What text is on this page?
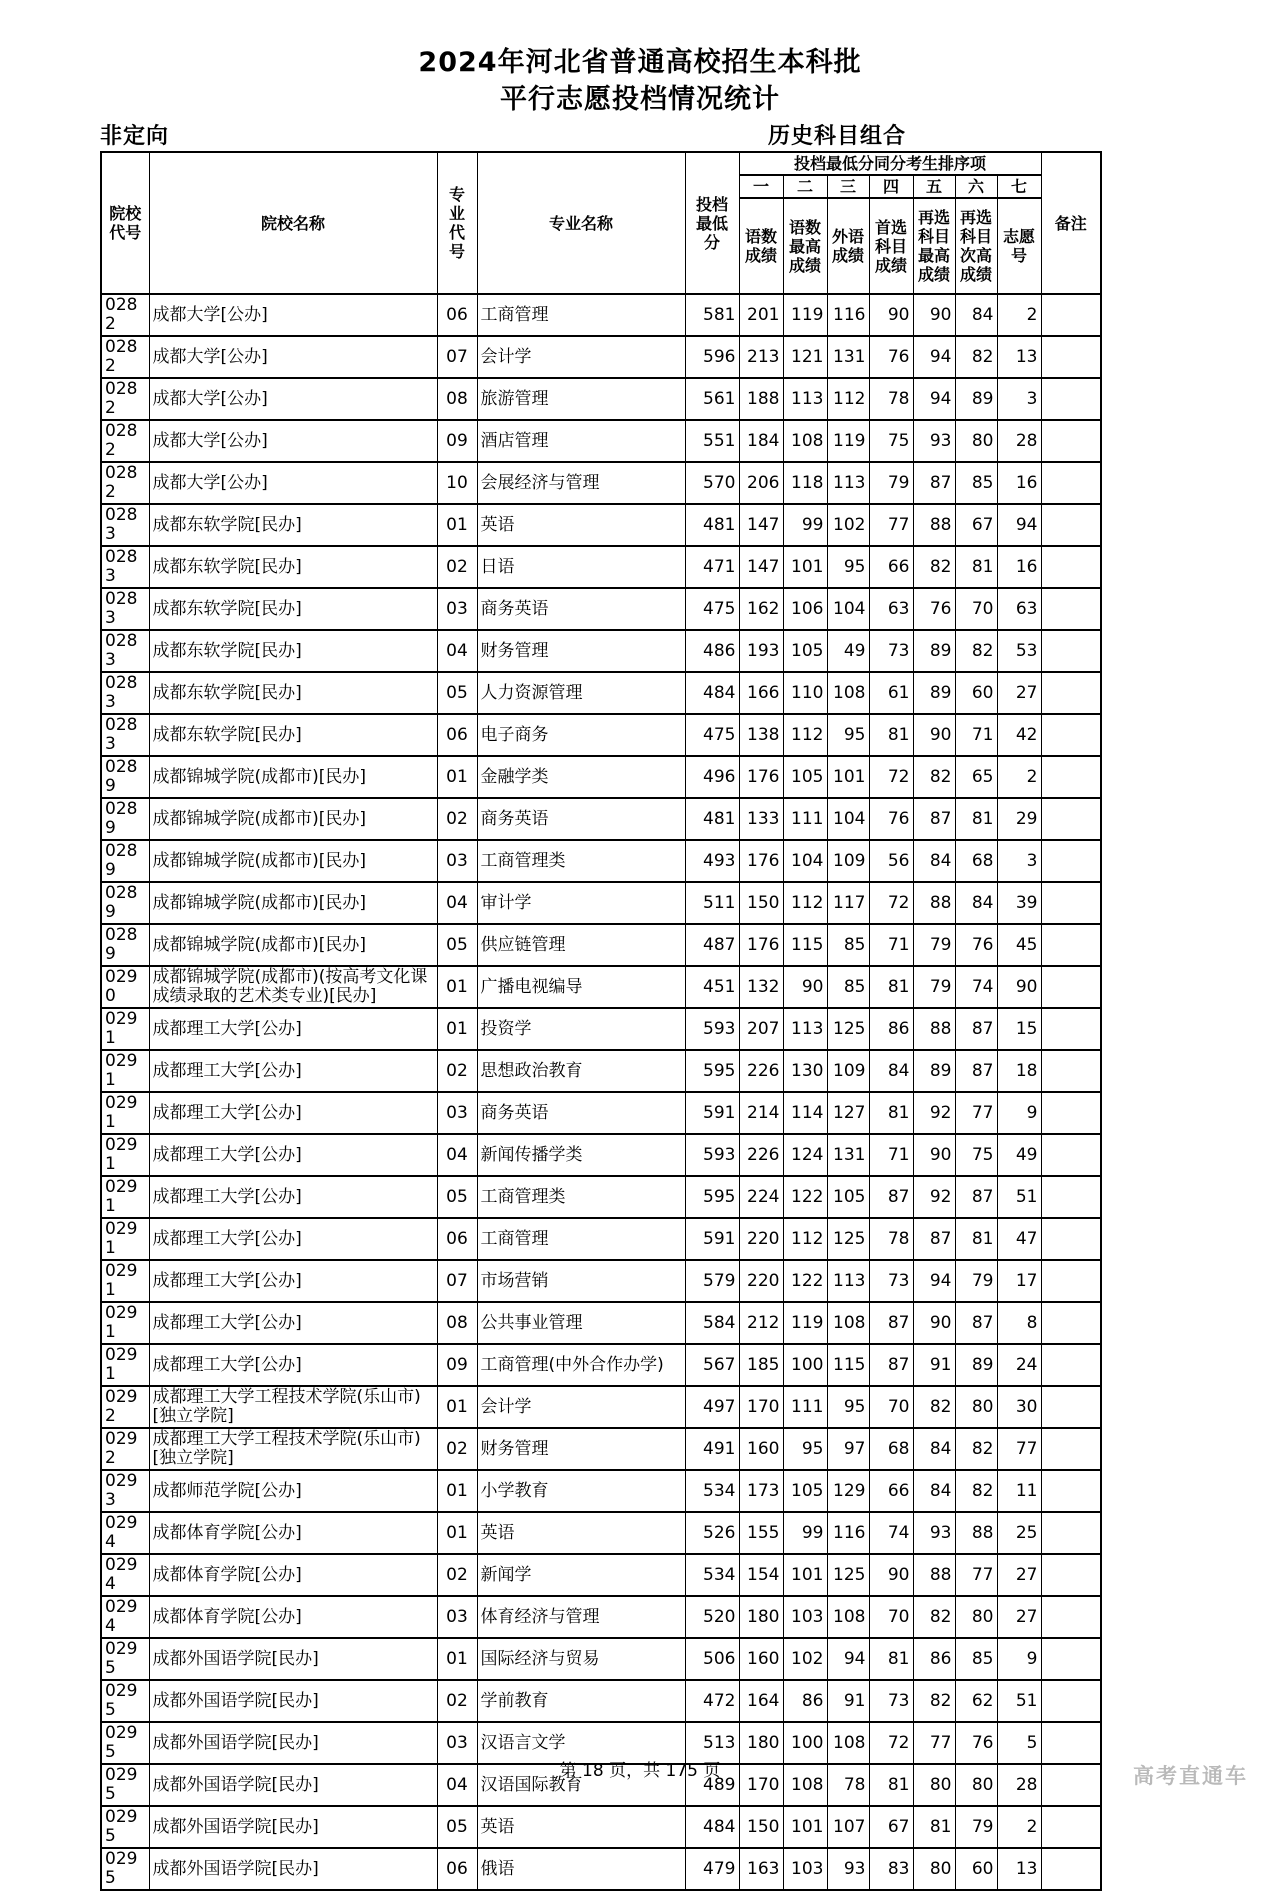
2024年河北省普通高校招生本科批
平行志愿投档情况统计
非定向	历史科目组合
院校代号	院校名称	专业代号	专业名称	投档最低分	投档最低分同分考生排序项							备注
					一	二	三	四	五	六	七	
					语数成绩	语数最高成绩	外语成绩	首选科目成绩	再选科目最高成绩	再选科目次高成绩	志愿号	
0282	成都大学[公办]	06	工商管理	581	201	119	116	90	90	84	2	
0282	成都大学[公办]	07	会计学	596	213	121	131	76	94	82	13	
0282	成都大学[公办]	08	旅游管理	561	188	113	112	78	94	89	3	
0282	成都大学[公办]	09	酒店管理	551	184	108	119	75	93	80	28	
0282	成都大学[公办]	10	会展经济与管理	570	206	118	113	79	87	85	16	
0283	成都东软学院[民办]	01	英语	481	147	99	102	77	88	67	94	
0283	成都东软学院[民办]	02	日语	471	147	101	95	66	82	81	16	
0283	成都东软学院[民办]	03	商务英语	475	162	106	104	63	76	70	63	
0283	成都东软学院[民办]	04	财务管理	486	193	105	49	73	89	82	53	
0283	成都东软学院[民办]	05	人力资源管理	484	166	110	108	61	89	60	27	
0283	成都东软学院[民办]	06	电子商务	475	138	112	95	81	90	71	42	
0289	成都锦城学院(成都市)[民办]	01	金融学类	496	176	105	101	72	82	65	2	
0289	成都锦城学院(成都市)[民办]	02	商务英语	481	133	111	104	76	87	81	29	
0289	成都锦城学院(成都市)[民办]	03	工商管理类	493	176	104	109	56	84	68	3	
0289	成都锦城学院(成都市)[民办]	04	审计学	511	150	112	117	72	88	84	39	
0289	成都锦城学院(成都市)[民办]	05	供应链管理	487	176	115	85	71	79	76	45	
0290	成都锦城学院(成都市)(按高考文化课成绩录取的艺术类专业)[民办]	01	广播电视编导	451	132	90	85	81	79	74	90	
0291	成都理工大学[公办]	01	投资学	593	207	113	125	86	88	87	15	
0291	成都理工大学[公办]	02	思想政治教育	595	226	130	109	84	89	87	18	
0291	成都理工大学[公办]	03	商务英语	591	214	114	127	81	92	77	9	
0291	成都理工大学[公办]	04	新闻传播学类	593	226	124	131	71	90	75	49	
0291	成都理工大学[公办]	05	工商管理类	595	224	122	105	87	92	87	51	
0291	成都理工大学[公办]	06	工商管理	591	220	112	125	78	87	81	47	
0291	成都理工大学[公办]	07	市场营销	579	220	122	113	73	94	79	17	
0291	成都理工大学[公办]	08	公共事业管理	584	212	119	108	87	90	87	8	
0291	成都理工大学[公办]	09	工商管理(中外合作办学)	567	185	100	115	87	91	89	24	
0292	成都理工大学工程技术学院(乐山市)[独立学院]	01	会计学	497	170	111	95	70	82	80	30	
0292	成都理工大学工程技术学院(乐山市)[独立学院]	02	财务管理	491	160	95	97	68	84	82	77	
0293	成都师范学院[公办]	01	小学教育	534	173	105	129	66	84	82	11	
0294	成都体育学院[公办]	01	英语	526	155	99	116	74	93	88	25	
0294	成都体育学院[公办]	02	新闻学	534	154	101	125	90	88	77	27	
0294	成都体育学院[公办]	03	体育经济与管理	520	180	103	108	70	82	80	27	
0295	成都外国语学院[民办]	01	国际经济与贸易	506	160	102	94	81	86	85	9	
0295	成都外国语学院[民办]	02	学前教育	472	164	86	91	73	82	62	51	
0295	成都外国语学院[民办]	03	汉语言文学	513	180	100	108	72	77	76	5	
0295	成都外国语学院[民办]	04	汉语国际教育	489	170	108	78	81	80	80	28	
0295	成都外国语学院[民办]	05	英语	484	150	101	107	67	81	79	2	
0295	成都外国语学院[民办]	06	俄语	479	163	103	93	83	80	60	13	
第 18 页，共 175 页	高考直通车
